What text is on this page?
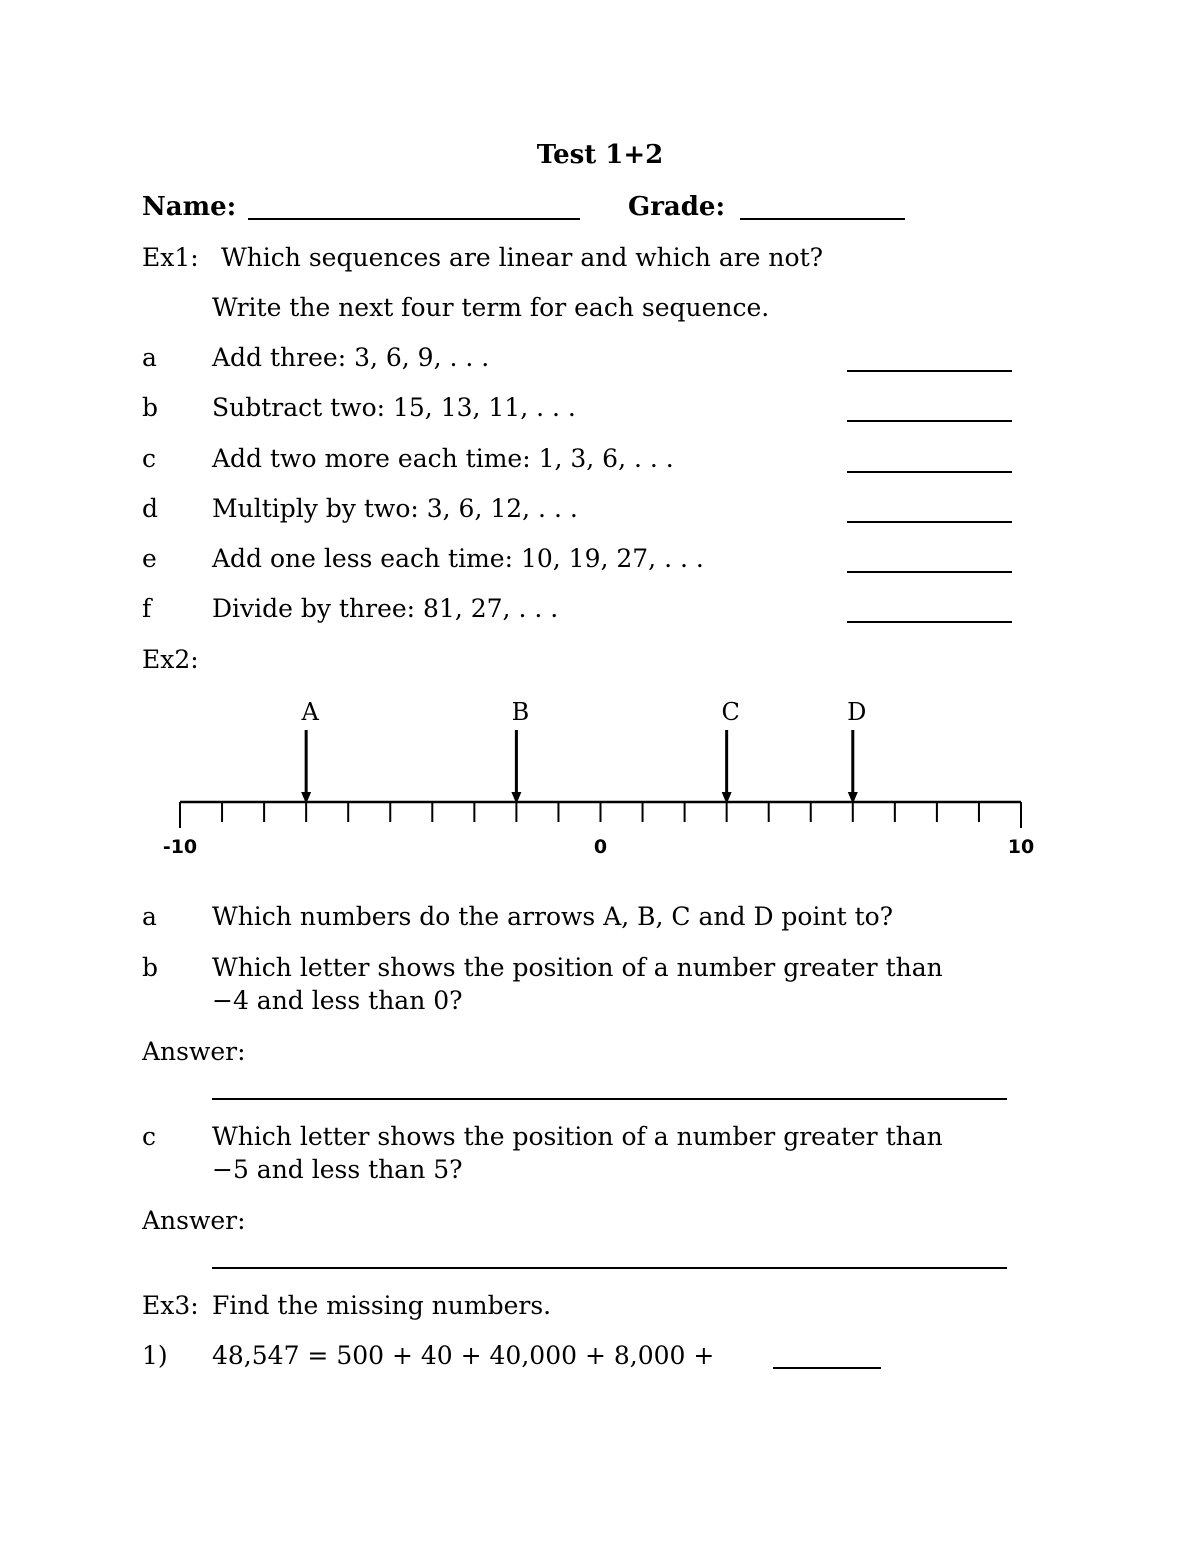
Test 1+2
Name:	Grade:
Ex1: Which sequences are linear and which are not?
Write the next four term for each sequence.
a Add three: 3, 6, 9, . . .
b Subtract two: 15, 13, 11, . . .
c Add two more each time: 1, 3, 6, . . .
d Multiply by two: 3, 6, 12, . . .
e Add one less each time: 10, 19, 27, . . .
f Divide by three: 81, 27, . . .
Ex2:
-10	0	10
A	B	C	D
a Which numbers do the arrows A, B, C and D point to?
b Which letter shows the position of a number greater than
−4 and less than 0?
Answer:
c Which letter shows the position of a number greater than
−5 and less than 5?
Answer:
Ex3: Find the missing numbers.
1) 48,547 = 500 + 40 + 40,000 + 8,000 +
